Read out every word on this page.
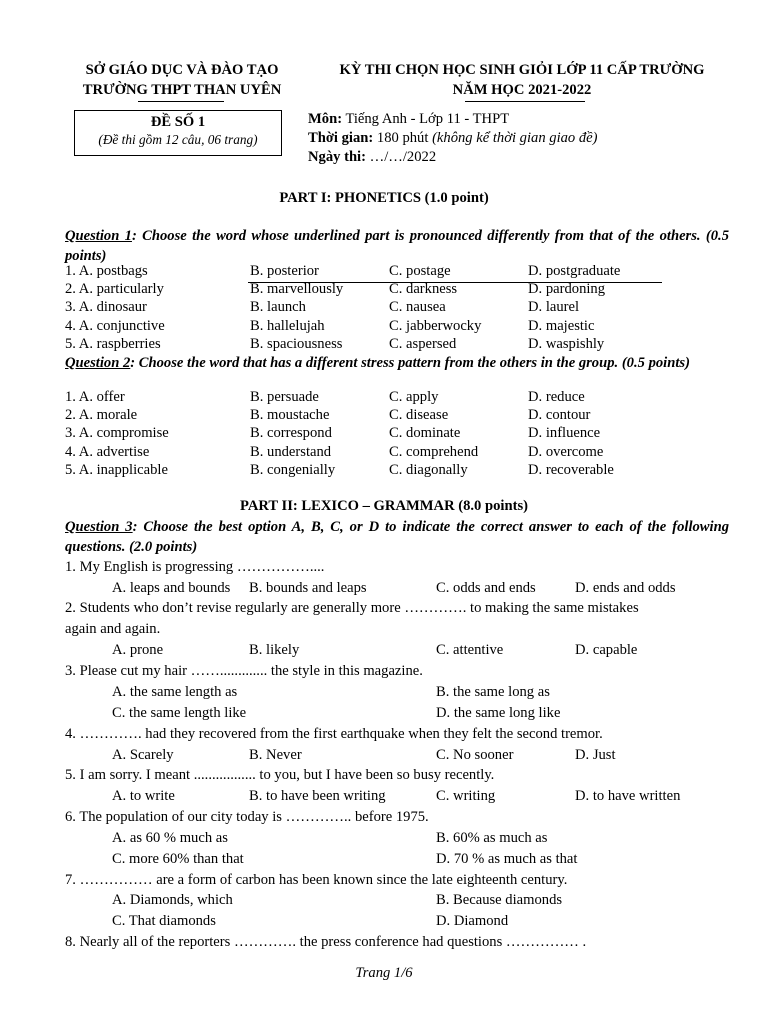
SỞ GIÁO DỤC VÀ ĐÀO TẠO
TRƯỜNG THPT THAN UYÊN
KỲ THI CHỌN HỌC SINH GIỎI LỚP 11 CẤP TRƯỜNG
NĂM HỌC 2021-2022
ĐỀ SỐ 1
(Đề thi gồm 12 câu, 06 trang)
Môn: Tiếng Anh - Lớp 11 - THPT
Thời gian: 180 phút (không kể thời gian giao đề)
Ngày thi: …/…/2022
PART I: PHONETICS (1.0 point)
Question 1: Choose the word whose underlined part is pronounced differently from that of the others. (0.5 points)
1. A. postbags	B. posterior	C. postage	D. postgraduate
2. A. particularly	B. marvellously	C. darkness	D. pardoning
3. A. dinosaur	B. launch	C. nausea	D. laurel
4. A. conjunctive	B. hallelujah	C. jabberwocky	D. majestic
5. A. raspberries	B. spaciousness	C. aspersed	D. waspishly
Question 2: Choose the word that has a different stress pattern from the others in the group. (0.5 points)
1. A. offer	B. persuade	C. apply	D. reduce
2. A. morale	B. moustache	C. disease	D. contour
3. A. compromise	B. correspond	C. dominate	D. influence
4. A. advertise	B. understand	C. comprehend	D. overcome
5. A. inapplicable	B. congenially	C. diagonally	D. recoverable
PART II: LEXICO – GRAMMAR (8.0 points)
Question 3: Choose the best option A, B, C, or D to indicate the correct answer to each of the following questions. (2.0 points)
1. My English is progressing ……………....
A. leaps and bounds B. bounds and leaps	C. odds and ends	D. ends and odds
2. Students who don’t revise regularly are generally more …………. to making the same mistakes
again and again.
A. prone	B. likely	C. attentive	D. capable
3. Please cut my hair ……............. the style in this magazine.
A. the same length as	B. the same long as
C. the same length like	D. the same long like
4. …………. had they recovered from the first earthquake when they felt the second tremor.
A. Scarely	B. Never	C. No sooner	D. Just
5. I am sorry. I meant ................. to you, but I have been so busy recently.
A. to write	B. to have been writing	C. writing	D. to have written
6. The population of our city today is ………….. before 1975.
A. as 60 % much as	B. 60% as much as
C. more 60% than that	D. 70 % as much as that
7. …………… are a form of carbon has been known since the late eighteenth century.
A. Diamonds, which	B. Because diamonds
C. That diamonds	D. Diamond
8. Nearly all of the reporters …………. the press conference had questions …………… .
Trang 1/6
